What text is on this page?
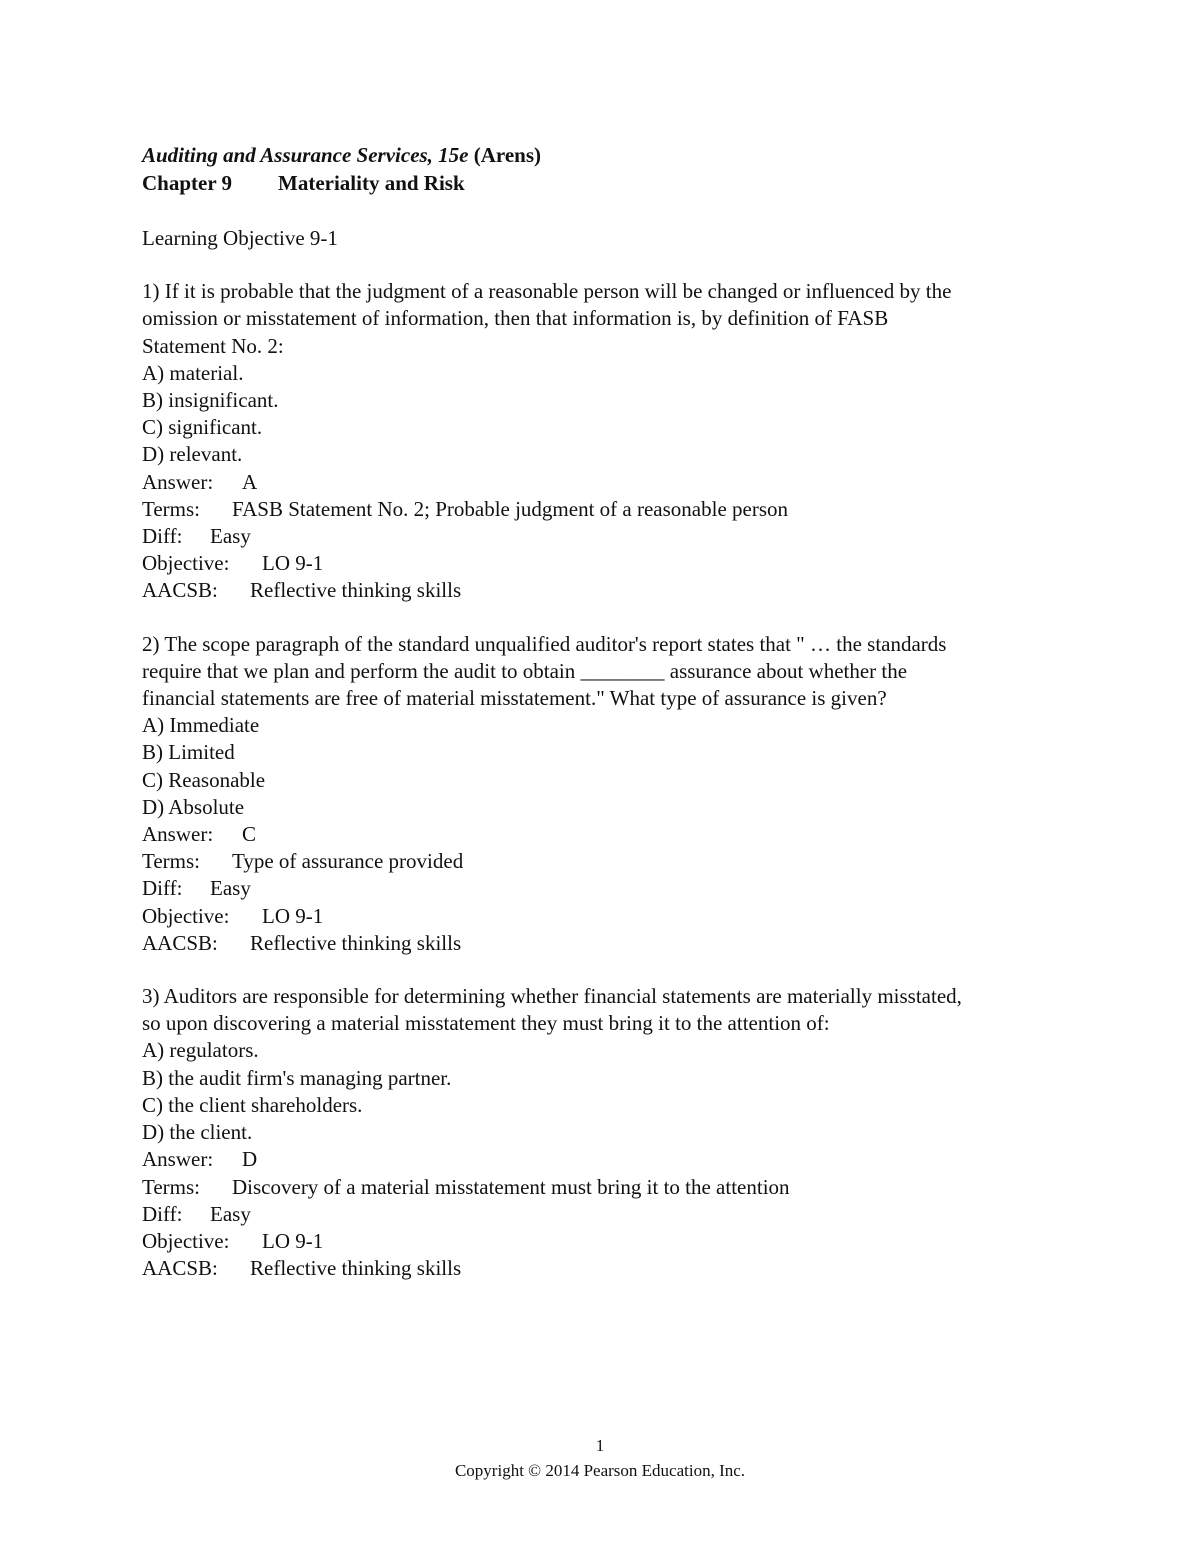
Auditing and Assurance Services, 15e (Arens)
Chapter 9 Materiality and Risk
Learning Objective 9-1
1) If it is probable that the judgment of a reasonable person will be changed or influenced by the
omission or misstatement of information, then that information is, by definition of FASB
Statement No. 2:
A) material.
B) insignificant.
C) significant.
D) relevant.
Answer: A
Terms: FASB Statement No. 2; Probable judgment of a reasonable person
Diff: Easy
Objective: LO 9-1
AACSB: Reflective thinking skills
2) The scope paragraph of the standard unqualified auditor's report states that " … the standards
require that we plan and perform the audit to obtain ________ assurance about whether the
financial statements are free of material misstatement." What type of assurance is given?
A) Immediate
B) Limited
C) Reasonable
D) Absolute
Answer: C
Terms: Type of assurance provided
Diff: Easy
Objective: LO 9-1
AACSB: Reflective thinking skills
3) Auditors are responsible for determining whether financial statements are materially misstated,
so upon discovering a material misstatement they must bring it to the attention of:
A) regulators.
B) the audit firm's managing partner.
C) the client shareholders.
D) the client.
Answer: D
Terms: Discovery of a material misstatement must bring it to the attention
Diff: Easy
Objective: LO 9-1
AACSB: Reflective thinking skills
1
Copyright © 2014 Pearson Education, Inc.
